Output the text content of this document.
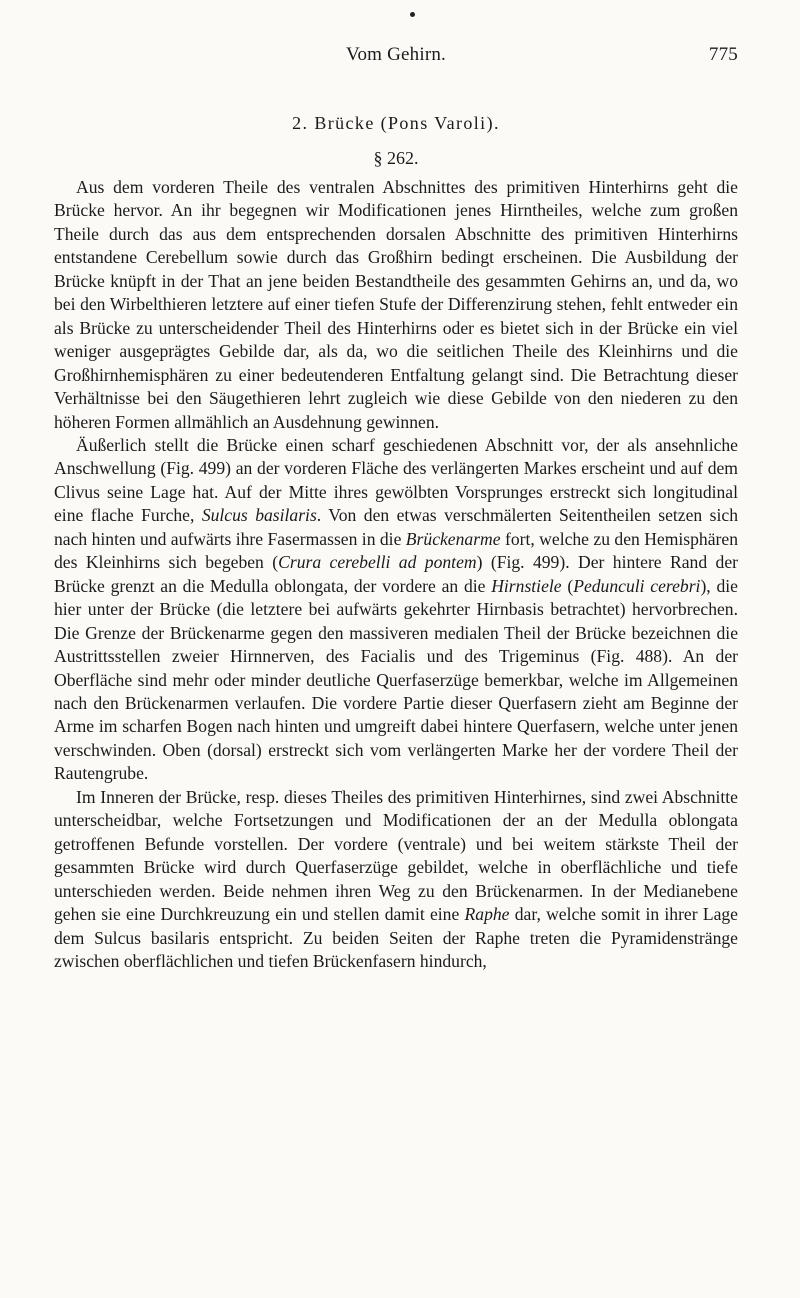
Vom Gehirn.	775
2. Brücke (Pons Varoli).
§ 262.

Aus dem vorderen Theile des ventralen Abschnittes des primitiven Hinterhirns geht die Brücke hervor. An ihr begegnen wir Modificationen jenes Hirntheiles, welche zum großen Theile durch das aus dem entsprechenden dorsalen Abschnitte des primitiven Hinterhirns entstandene Cerebellum sowie durch das Großhirn bedingt erscheinen. Die Ausbildung der Brücke knüpft in der That an jene beiden Bestandtheile des gesammten Gehirns an, und da, wo bei den Wirbelthieren letztere auf einer tiefen Stufe der Differenzirung stehen, fehlt entweder ein als Brücke zu unterscheidender Theil des Hinterhirns oder es bietet sich in der Brücke ein viel weniger ausgeprägtes Gebilde dar, als da, wo die seitlichen Theile des Kleinhirns und die Großhirnhemisphären zu einer bedeutenderen Entfaltung gelangt sind. Die Betrachtung dieser Verhältnisse bei den Säugethieren lehrt zugleich wie diese Gebilde von den niederen zu den höheren Formen allmählich an Ausdehnung gewinnen.

Äußerlich stellt die Brücke einen scharf geschiedenen Abschnitt vor, der als ansehnliche Anschwellung (Fig. 499) an der vorderen Fläche des verlängerten Markes erscheint und auf dem Clivus seine Lage hat. Auf der Mitte ihres gewölbten Vorsprunges erstreckt sich longitudinal eine flache Furche, Sulcus basilaris. Von den etwas verschmälerten Seitentheilen setzen sich nach hinten und aufwärts ihre Fasermassen in die Brückenarme fort, welche zu den Hemisphären des Kleinhirns sich begeben (Crura cerebelli ad pontem) (Fig. 499). Der hintere Rand der Brücke grenzt an die Medulla oblongata, der vordere an die Hirnstiele (Pedunculi cerebri), die hier unter der Brücke (die letztere bei aufwärts gekehrter Hirnbasis betrachtet) hervorbrechen. Die Grenze der Brückenarme gegen den massiveren medialen Theil der Brücke bezeichnen die Austrittsstellen zweier Hirnnerven, des Facialis und des Trigeminus (Fig. 488). An der Oberfläche sind mehr oder minder deutliche Querfaserzüge bemerkbar, welche im Allgemeinen nach den Brückenarmen verlaufen. Die vordere Partie dieser Querfasern zieht am Beginne der Arme im scharfen Bogen nach hinten und umgreift dabei hintere Querfasern, welche unter jenen verschwinden. Oben (dorsal) erstreckt sich vom verlängerten Marke her der vordere Theil der Rautengrube.

Im Inneren der Brücke, resp. dieses Theiles des primitiven Hinterhirnes, sind zwei Abschnitte unterscheidbar, welche Fortsetzungen und Modificationen der an der Medulla oblongata getroffenen Befunde vorstellen. Der vordere (ventrale) und bei weitem stärkste Theil der gesammten Brücke wird durch Querfaserzüge gebildet, welche in oberflächliche und tiefe unterschieden werden. Beide nehmen ihren Weg zu den Brückenarmen. In der Medianebene gehen sie eine Durchkreuzung ein und stellen damit eine Raphe dar, welche somit in ihrer Lage dem Sulcus basilaris entspricht. Zu beiden Seiten der Raphe treten die Pyramidenstränge zwischen oberflächlichen und tiefen Brückenfasern hindurch,
